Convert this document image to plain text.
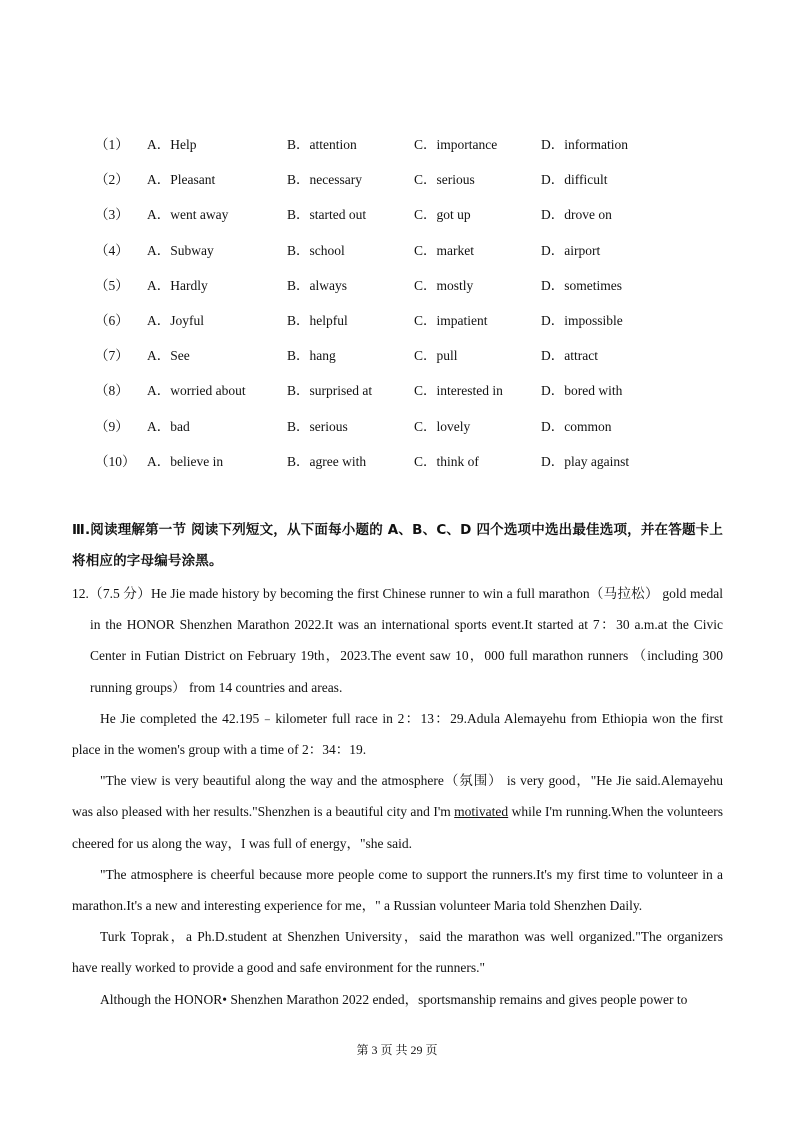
（1） A．Help	B．attention	C．importance	D．information
（2） A．Pleasant	B．necessary	C．serious	D．difficult
（3） A．went away	B．started out	C．got up	D．drove on
（4） A．Subway	B．school	C．market	D．airport
（5） A．Hardly	B．always	C．mostly	D．sometimes
（6） A．Joyful	B．helpful	C．impatient	D．impossible
（7） A．See	B．hang	C．pull	D．attract
（8） A．worried about	B．surprised at	C．interested in	D．bored with
（9） A．bad	B．serious	C．lovely	D．common
（10） A．believe in	B．agree with	C．think of	D．play against
Ⅲ.阅读理解第一节 阅读下列短文，从下面每小题的 A、B、C、D 四个选项中选出最佳选项，并在答题卡上将相应的字母编号涂黑。

12.（7.5 分）He Jie made history by becoming the first Chinese runner to win a full marathon（马拉松） gold medal in the HONOR Shenzhen Marathon 2022.It was an international sports event.It started at 7：30 a.m.at the Civic Center in Futian District on February 19th，2023.The event saw 10，000 full marathon runners （including 300 running groups） from 14 countries and areas.

He Jie completed the 42.195﹣kilometer full race in 2：13：29.Adula Alemayehu from Ethiopia won the first place in the women's group with a time of 2：34：19.

"The view is very beautiful along the way and the atmosphere（氛围） is very good，"He Jie said.Alemayehu was also pleased with her results."Shenzhen is a beautiful city and I'm motivated while I'm running.When the volunteers cheered for us along the way，I was full of energy，"she said.

"The atmosphere is cheerful because more people come to support the runners.It's my first time to volunteer in a marathon.It's a new and interesting experience for me，" a Russian volunteer Maria told Shenzhen Daily.

Turk Toprak，a Ph.D.student at Shenzhen University，said the marathon was well organized."The organizers have really worked to provide a good and safe environment for the runners."

Although the HONOR• Shenzhen Marathon 2022 ended，sportsmanship remains and gives people power to

第 3 页 共 29 页
